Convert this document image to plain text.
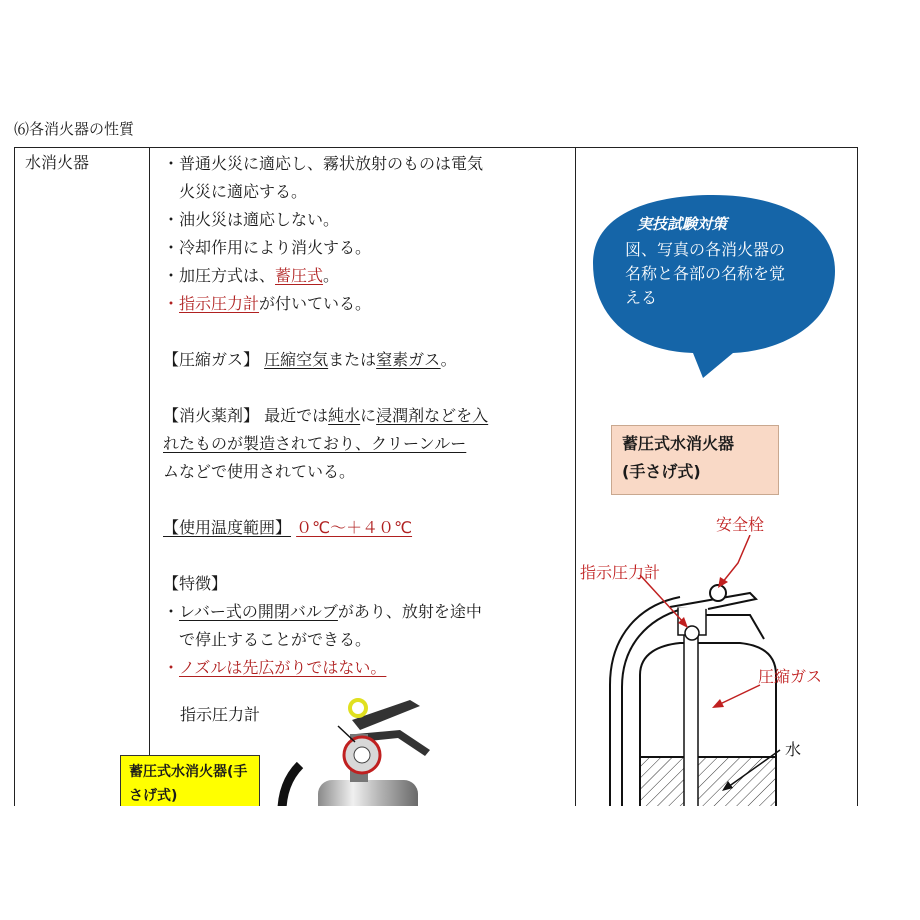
⑹各消火器の性質
水消火器	・普通火災に適応し、霧状放射のものは電気
火災に適応する。
・油火災は適応しない。
・冷却作用により消火する。
・加圧方式は、蓄圧式。
・指示圧力計が付いている。
【圧縮ガス】 圧縮空気または窒素ガス。
【消火薬剤】 最近では純水に浸潤剤などを入
れたものが製造されており、クリーンルー
ムなどで使用されている。
【使用温度範囲】 ０℃～＋４０℃
【特徴】
・レバー式の開閉バルブがあり、放射を途中
で停止することができる。
・ノズルは先広がりではない。
指示圧力計
蓄圧式水消火器(手さげ式)
実技試験対策
図、写真の各消火器の名称と各部の名称を覚える
蓄圧式水消火器
(手さげ式)
安全栓
指示圧力計
圧縮ガス
水
